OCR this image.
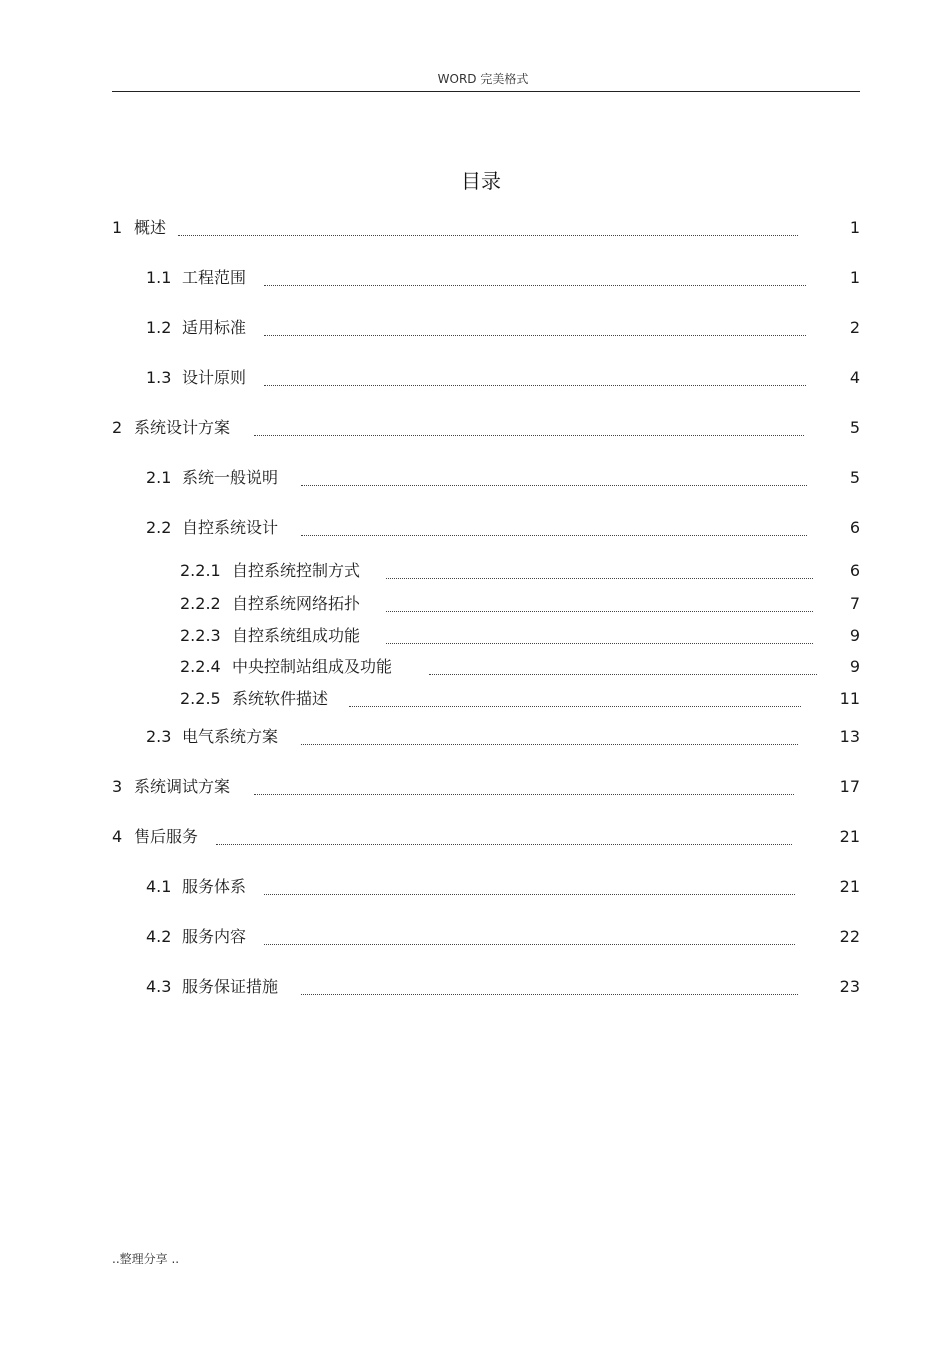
WORD 完美格式
目录
1 概述	1
1.1 工程范围	1
1.2 适用标准	2
1.3 设计原则	4
2 系统设计方案	5
2.1 系统一般说明	5
2.2 自控系统设计	6
2.2.1 自控系统控制方式	6
2.2.2 自控系统网络拓扑	7
2.2.3 自控系统组成功能	9
2.2.4 中央控制站组成及功能	9
2.2.5 系统软件描述	11
2.3 电气系统方案	13
3 系统调试方案	17
4 售后服务	21
4.1 服务体系	21
4.2 服务内容	22
4.3 服务保证措施	23
..整理分享 ..
